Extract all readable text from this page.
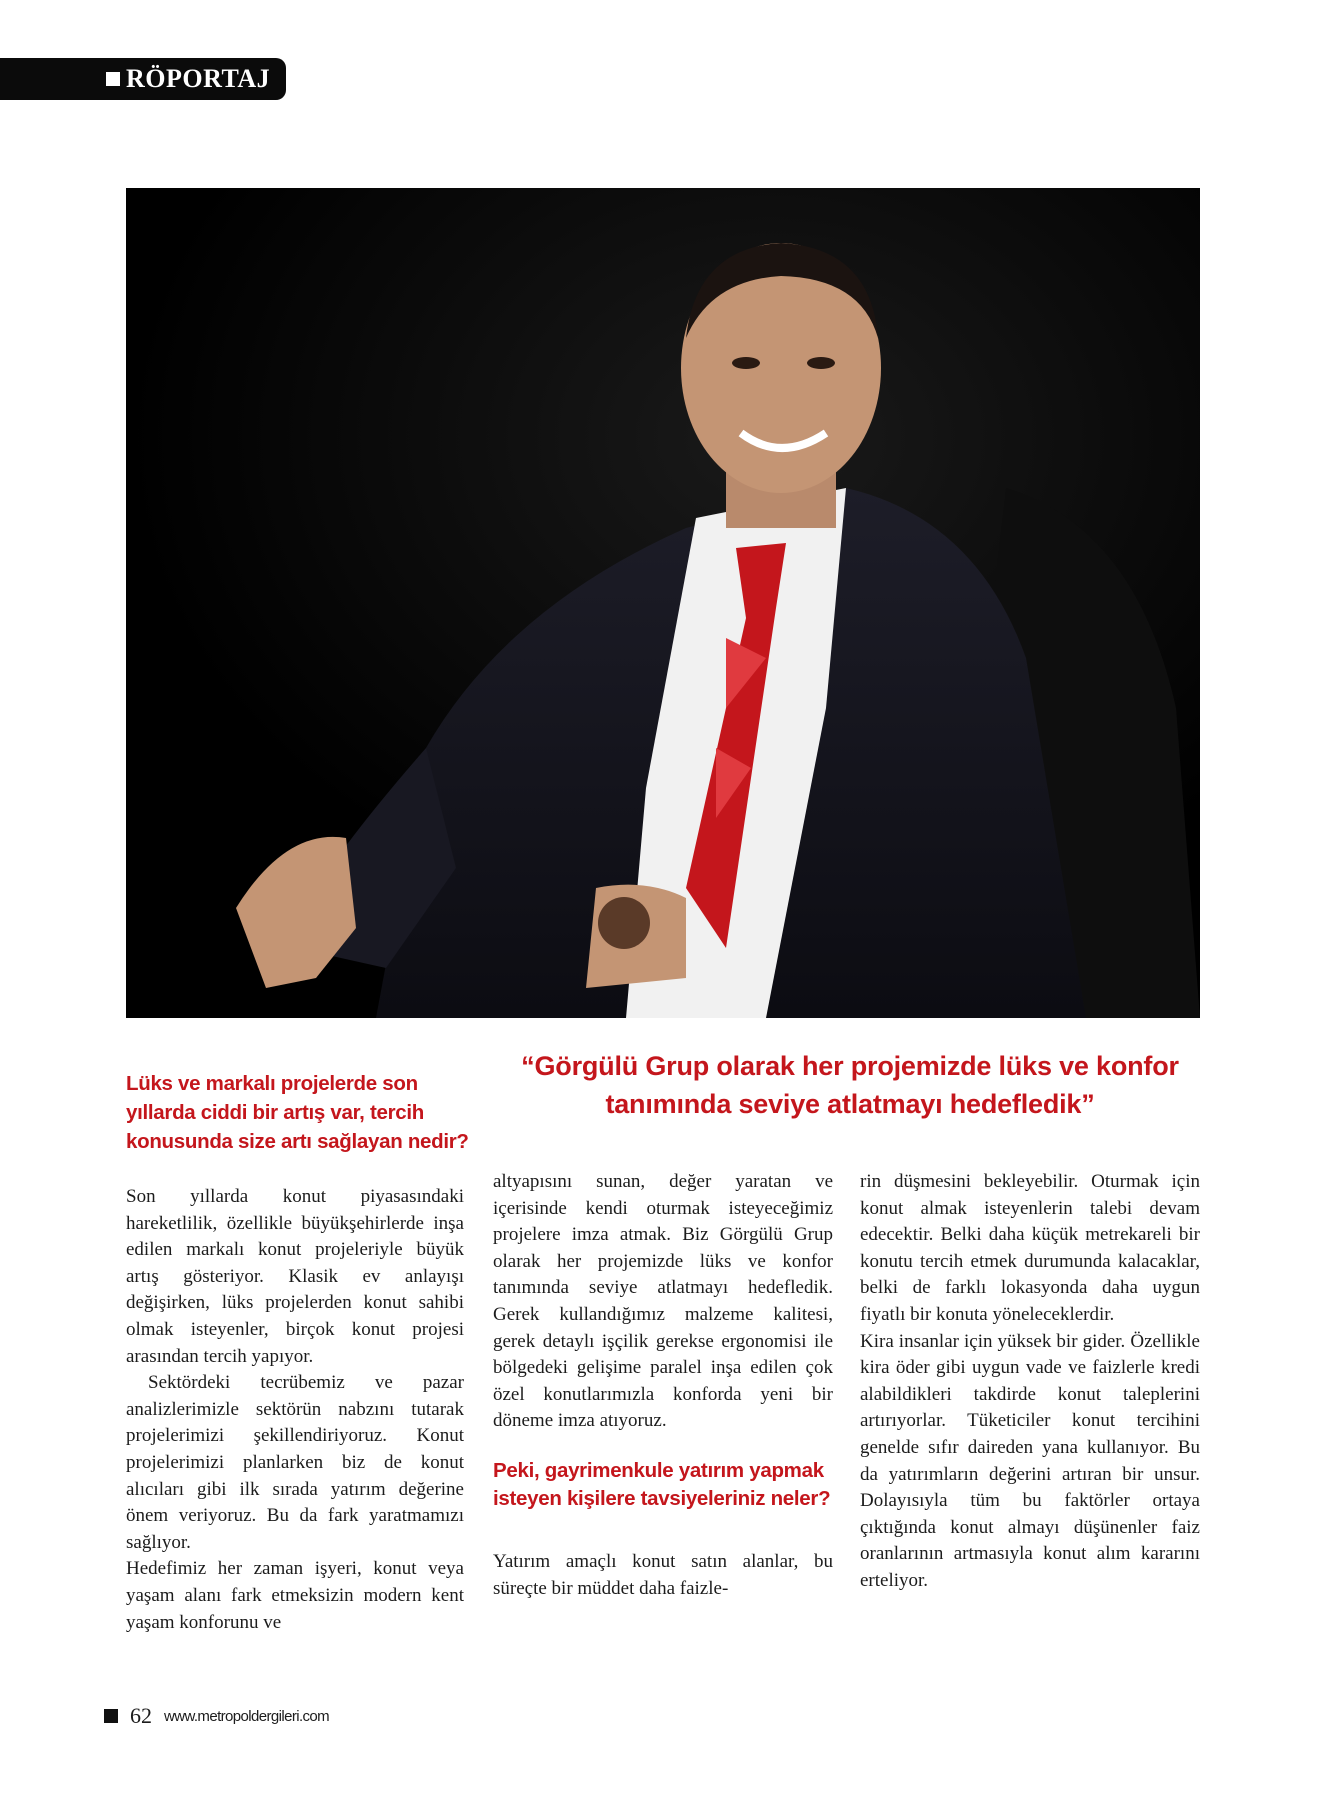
RÖPORTAJ

Lüks ve markalı projelerde son yıllarda ciddi bir artış var, tercih konusunda size artı sağlayan nedir?

“Görgülü Grup olarak her projemizde lüks ve konfor tanımında seviye atlatmayı hedefledik”

Son yıllarda konut piyasasındaki hareketlilik, özellikle büyükşehirlerde inşa edilen markalı konut projeleriyle büyük artış gösteriyor. Klasik ev anlayışı değişirken, lüks projelerden konut sahibi olmak isteyenler, birçok konut projesi arasından tercih yapıyor.

Sektördeki tecrübemiz ve pazar analizlerimizle sektörün nabzını tutarak projelerimizi şekillendiriyoruz. Konut projelerimizi planlarken biz de konut alıcıları gibi ilk sırada yatırım değerine önem veriyoruz. Bu da fark yaratmamızı sağlıyor.

Hedefimiz her zaman işyeri, konut veya yaşam alanı fark etmeksizin modern kent yaşam konforunu ve

altyapısını sunan, değer yaratan ve içerisinde kendi oturmak isteyeceğimiz projelere imza atmak. Biz Görgülü Grup olarak her projemizde lüks ve konfor tanımında seviye atlatmayı hedefledik. Gerek kullandığımız malzeme kalitesi, gerek detaylı işçilik gerekse ergonomisi ile bölgedeki gelişime paralel inşa edilen çok özel konutlarımızla konforda yeni bir döneme imza atıyoruz.

Peki, gayrimenkule yatırım yapmak isteyen kişilere tavsiyeleriniz neler?

Yatırım amaçlı konut satın alanlar, bu süreçte bir müddet daha faizle-

rin düşmesini bekleyebilir. Oturmak için konut almak isteyenlerin talebi devam edecektir. Belki daha küçük metrekareli bir konutu tercih etmek durumunda kalacaklar, belki de farklı lokasyonda daha uygun fiyatlı bir konuta yöneleceklerdir.

Kira insanlar için yüksek bir gider. Özellikle kira öder gibi uygun vade ve faizlerle kredi alabildikleri takdirde konut taleplerini artırıyorlar. Tüketiciler konut tercihini genelde sıfır daireden yana kullanıyor. Bu da yatırımların değerini artıran bir unsur. Dolayısıyla tüm bu faktörler ortaya çıktığında konut almayı düşünenler faiz oranlarının artmasıyla konut alım kararını erteliyor.

62 www.metropoldergileri.com
